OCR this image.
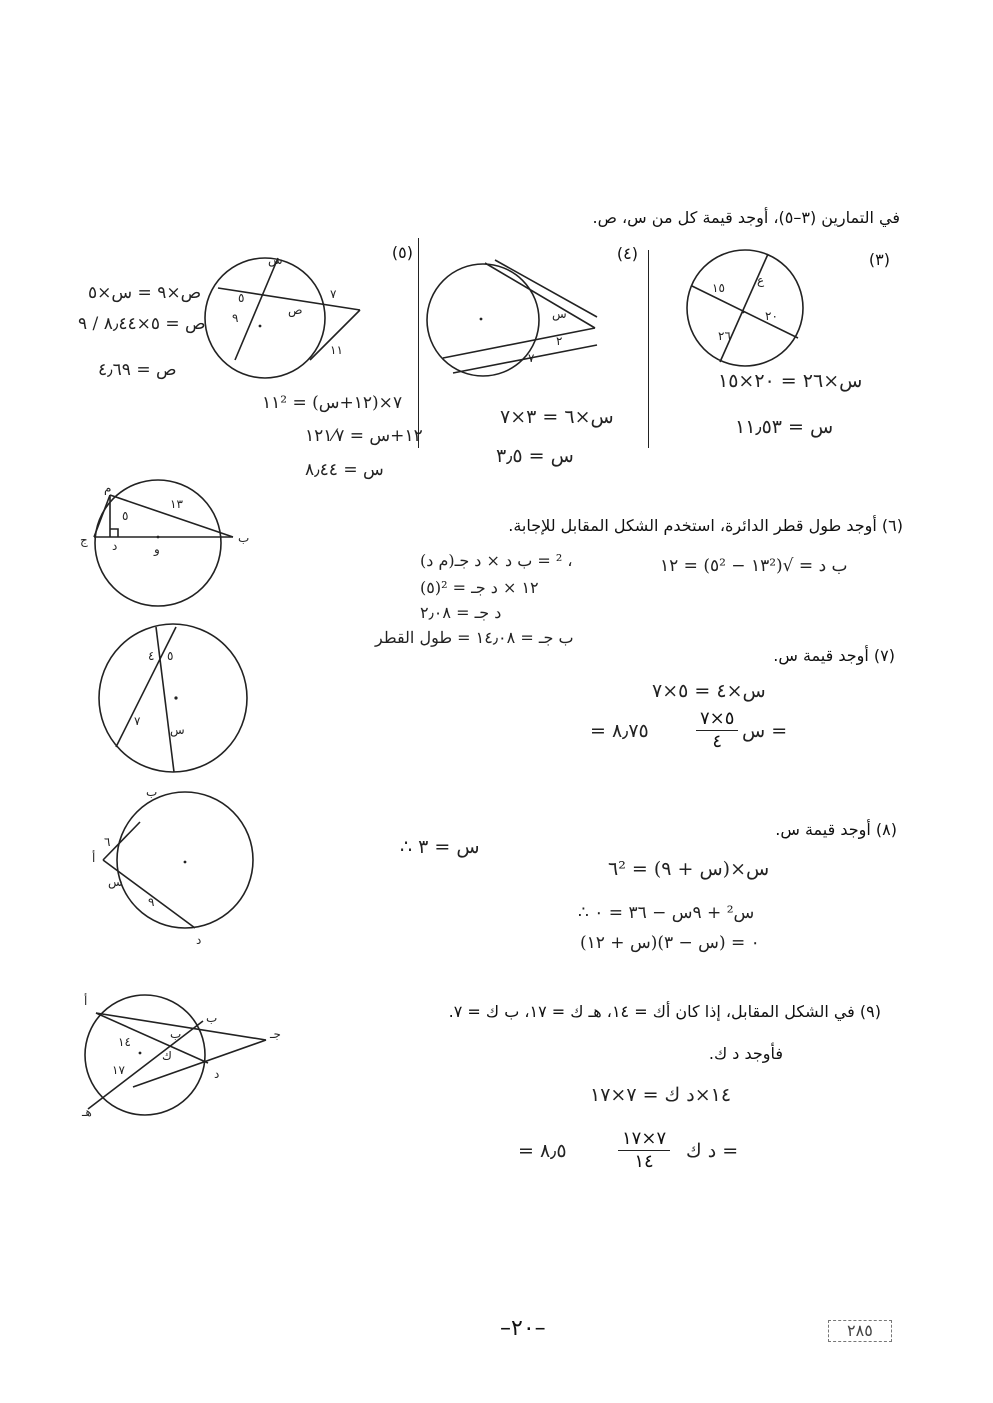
في التمارين (٣–٥)، أوجد قيمة كل من س، ص.
(٣)
١٥
ع
٢٠
٢٦
س×٢٦ = ٢٠×١٥
س = ١١٫٥٣
(٤)
س
٢
٧
س×٦ = ٣×٧
س = ٣٫٥
(٥)
س
ص
٥
٩
٧
١١
١١² = ٧×(١٢+س)
١٢+س = ١٢١⁄٧
س = ٨٫٤٤
ص×٩ = س×٥
ص = ٥×٨٫٤٤ / ٩
ص = ٤٫٦٩
م
١٣
٥
ب
و
د
ج
(٦) أوجد طول قطر الدائرة، استخدم الشكل المقابل للإجابة.
ب د = √(١٣² − ٥²) = ١٢
(م د)² = ب د × د جـ ،
(٥)² = ١٢ × د جـ
د جـ = ٢٫٠٨
ب جـ = ١٤٫٠٨ = طول القطر
٤ ٥
٧
س
(٧) أوجد قيمة س.
س×٤ = ٥×٧
س =
٥×٧
٤
= ٨٫٧٥
ب
٦
أ
س
٩
د
(٨) أوجد قيمة س.
∴ س = ٣
٦² = س×(س + ٩)
∴ س² + ٩س − ٣٦ = ٠
(س + ١٢)(س − ٣) = ٠
أ
ب
جـ
١٤
ب
ك
١٧	د
هـ
(٩) في الشكل المقابل، إذا كان أك = ١٤، هـ ك = ١٧، ب ك = ٧.
فأوجد د ك.
١٤×د ك = ٧×١٧
د ك =
٧×١٧
١٤
= ٨٫٥
–٢٠–	٢٨٥
